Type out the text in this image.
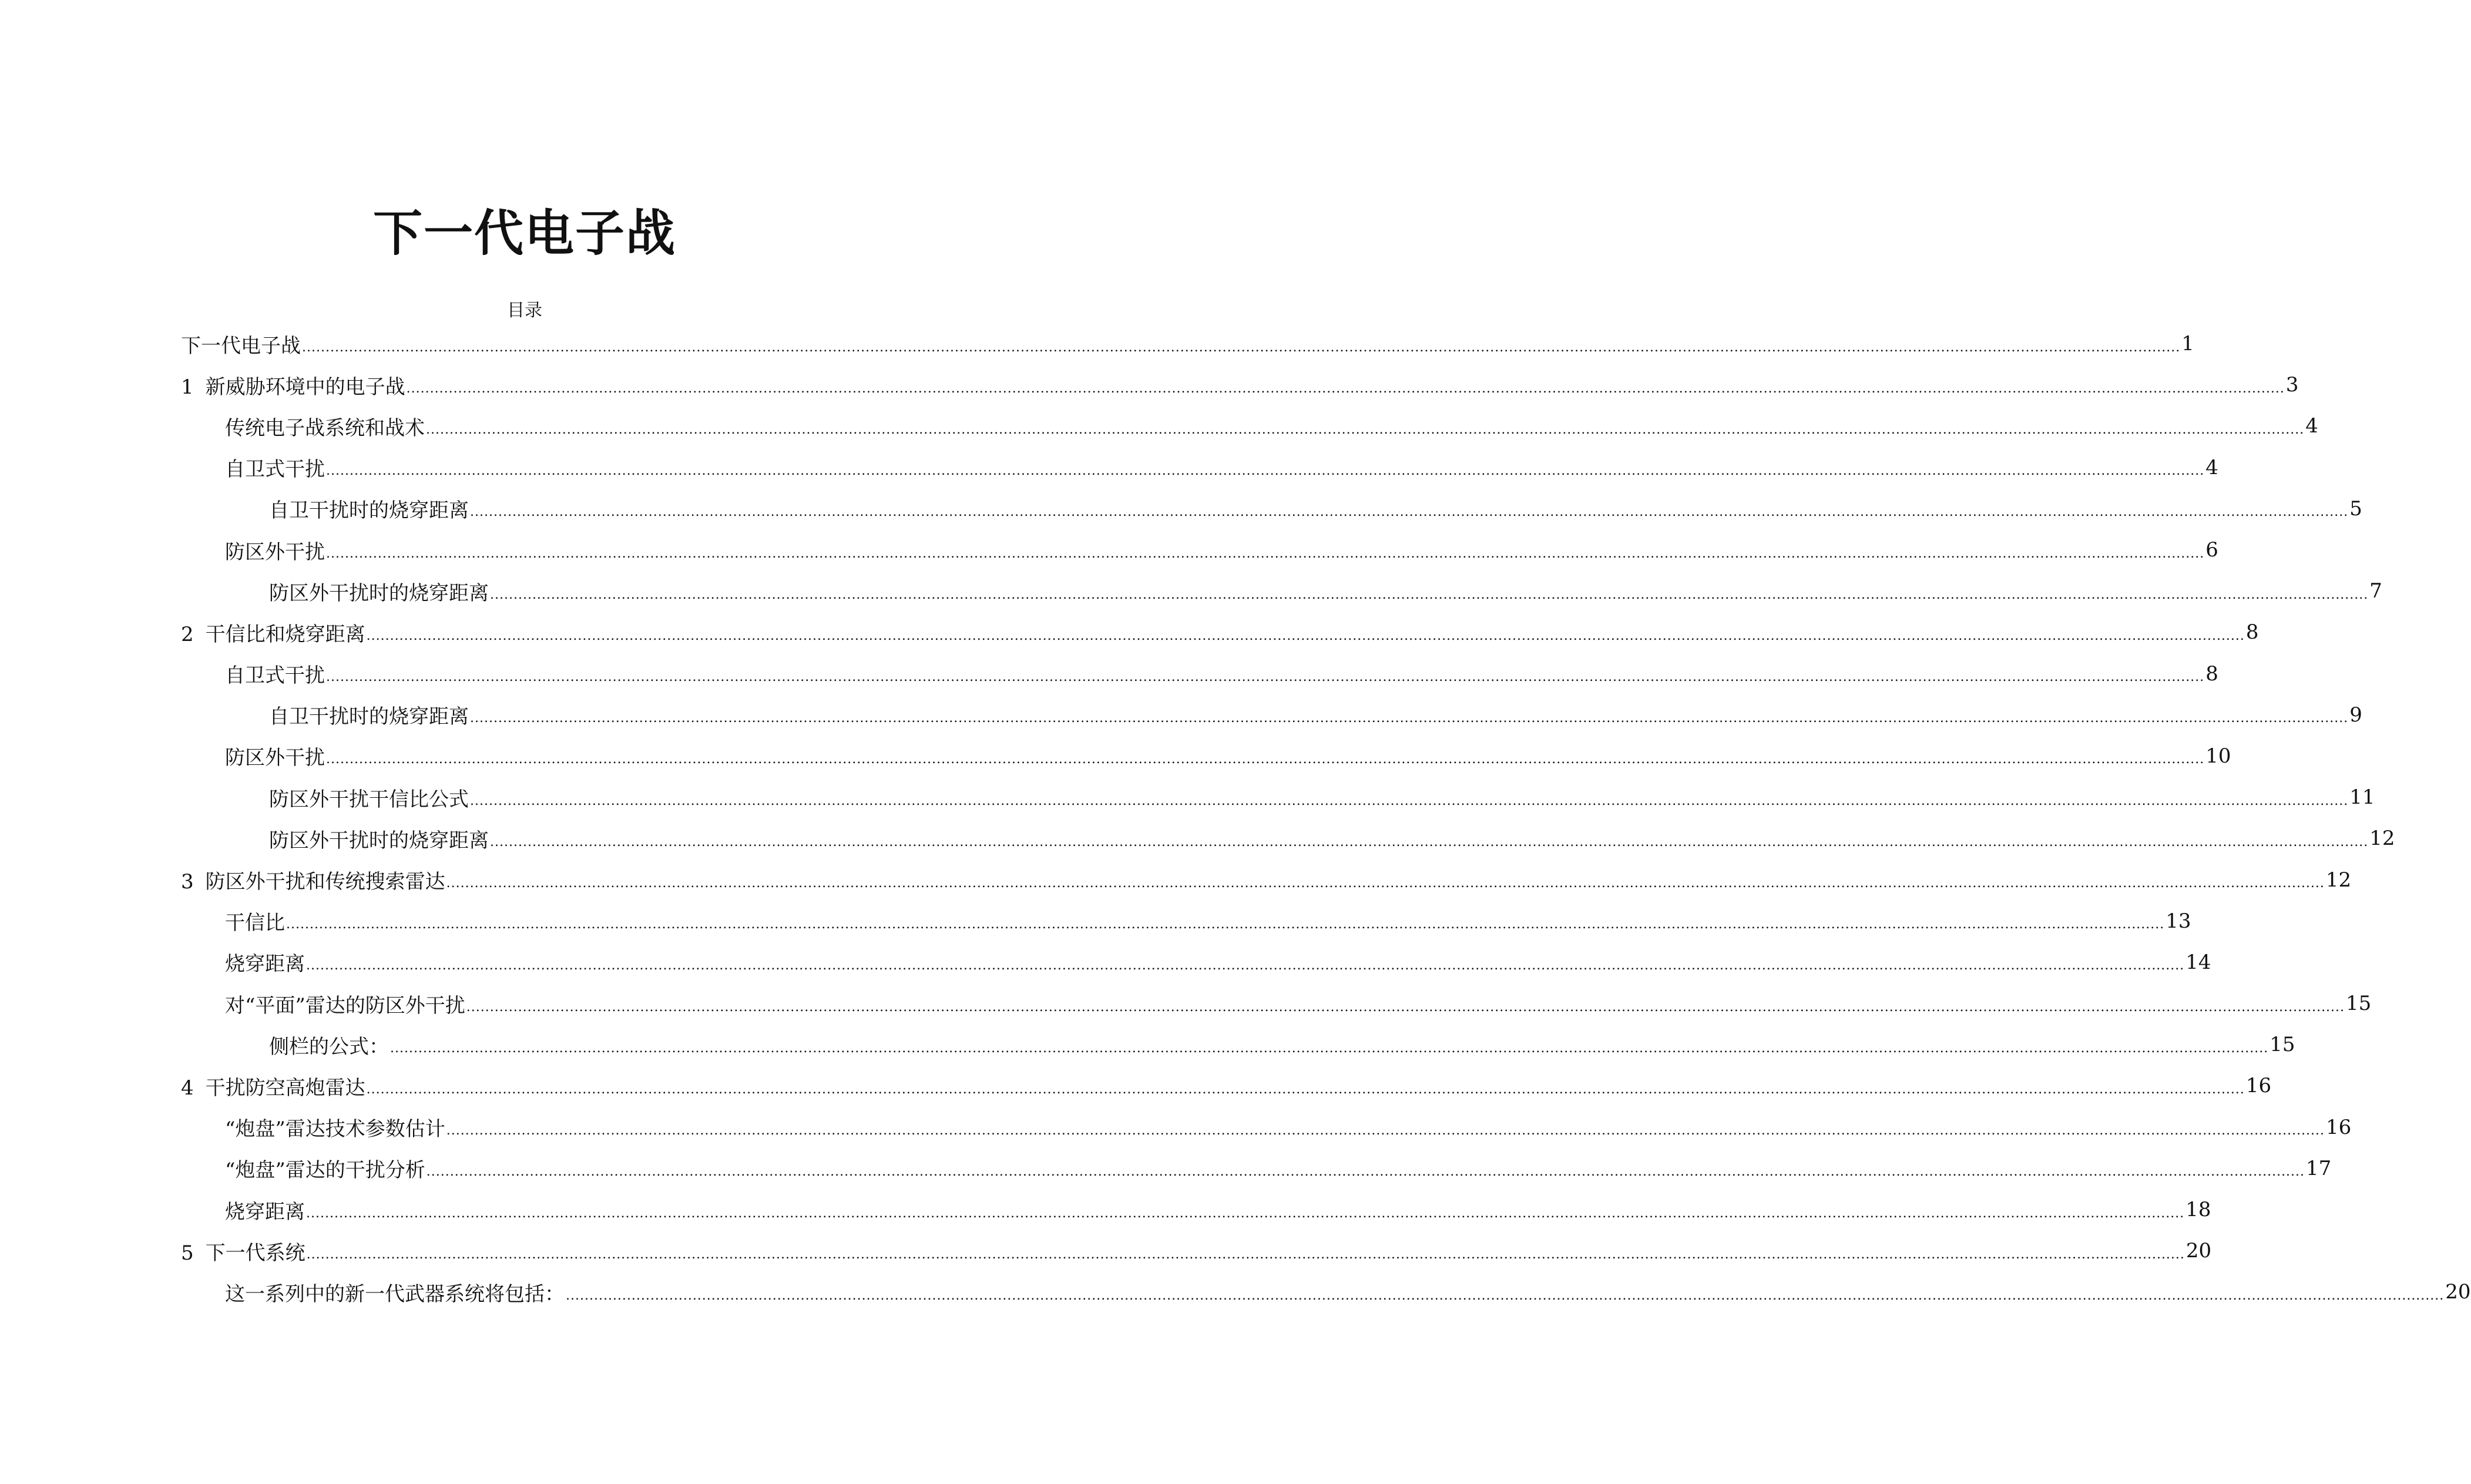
下一代电子战
目录
下一代电子战 ................................................................................................................................................................................................................................................................................................................................................................................................................ 1
1 新威胁环境中的电子战 ................................................................................................................................................................................................................................................................................................................................................................................................................ 3
传统电子战系统和战术 ................................................................................................................................................................................................................................................................................................................................................................................................................ 4
自卫式干扰 ................................................................................................................................................................................................................................................................................................................................................................................................................ 4
自卫干扰时的烧穿距离 ................................................................................................................................................................................................................................................................................................................................................................................................................ 5
防区外干扰 ................................................................................................................................................................................................................................................................................................................................................................................................................ 6
防区外干扰时的烧穿距离 ................................................................................................................................................................................................................................................................................................................................................................................................................ 7
2 干信比和烧穿距离 ................................................................................................................................................................................................................................................................................................................................................................................................................ 8
自卫式干扰 ................................................................................................................................................................................................................................................................................................................................................................................................................ 8
自卫干扰时的烧穿距离 ................................................................................................................................................................................................................................................................................................................................................................................................................ 9
防区外干扰 ................................................................................................................................................................................................................................................................................................................................................................................................................ 10
防区外干扰干信比公式 ................................................................................................................................................................................................................................................................................................................................................................................................................ 11
防区外干扰时的烧穿距离 ................................................................................................................................................................................................................................................................................................................................................................................................................ 12
3 防区外干扰和传统搜索雷达 ................................................................................................................................................................................................................................................................................................................................................................................................................ 12
干信比 ................................................................................................................................................................................................................................................................................................................................................................................................................ 13
烧穿距离 ................................................................................................................................................................................................................................................................................................................................................................................................................ 14
对“平面”雷达的防区外干扰 ................................................................................................................................................................................................................................................................................................................................................................................................................ 15
侧栏的公式： ................................................................................................................................................................................................................................................................................................................................................................................................................ 15
4 干扰防空高炮雷达 ................................................................................................................................................................................................................................................................................................................................................................................................................ 16
“炮盘”雷达技术参数估计 ................................................................................................................................................................................................................................................................................................................................................................................................................ 16
“炮盘”雷达的干扰分析 ................................................................................................................................................................................................................................................................................................................................................................................................................ 17
烧穿距离 ................................................................................................................................................................................................................................................................................................................................................................................................................ 18
5 下一代系统 ................................................................................................................................................................................................................................................................................................................................................................................................................ 20
这一系列中的新一代武器系统将包括： ................................................................................................................................................................................................................................................................................................................................................................................................................ 20
